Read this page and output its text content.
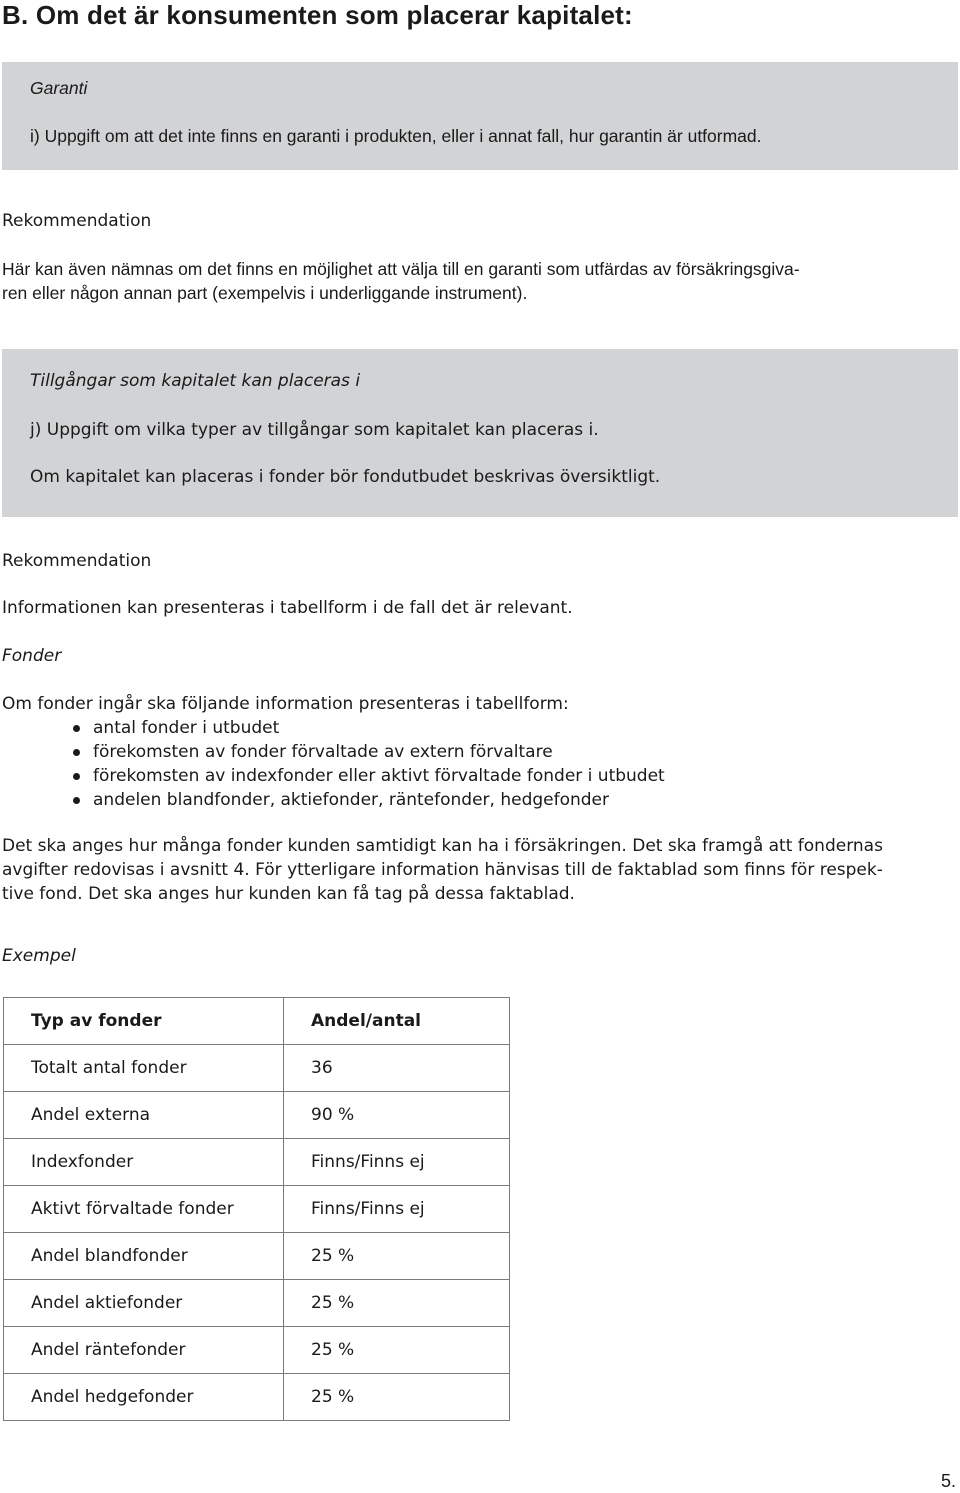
B. Om det är konsumenten som placerar kapitalet:
Garanti
i) Uppgift om att det inte finns en garanti i produkten, eller i annat fall, hur garantin är utformad.
Rekommendation
Här kan även nämnas om det finns en möjlighet att välja till en garanti som utfärdas av försäkringsgiva-
ren eller någon annan part (exempelvis i underliggande instrument).
Tillgångar som kapitalet kan placeras i
j) Uppgift om vilka typer av tillgångar som kapitalet kan placeras i.
Om kapitalet kan placeras i fonder bör fondutbudet beskrivas översiktligt.
Rekommendation
Informationen kan presenteras i tabellform i de fall det är relevant.
Fonder
Om fonder ingår ska följande information presenteras i tabellform:
antal fonder i utbudet
förekomsten av fonder förvaltade av extern förvaltare
förekomsten av indexfonder eller aktivt förvaltade fonder i utbudet
andelen blandfonder, aktiefonder, räntefonder, hedgefonder
Det ska anges hur många fonder kunden samtidigt kan ha i försäkringen. Det ska framgå att fondernas
avgifter redovisas i avsnitt 4. För ytterligare information hänvisas till de faktablad som finns för respek-
tive fond. Det ska anges hur kunden kan få tag på dessa faktablad.
Exempel
Typ av fonder	Andel/antal
Totalt antal fonder	36
Andel externa	90 %
Indexfonder	Finns/Finns ej
Aktivt förvaltade fonder	Finns/Finns ej
Andel blandfonder	25 %
Andel aktiefonder	25 %
Andel räntefonder	25 %
Andel hedgefonder	25 %
5.
